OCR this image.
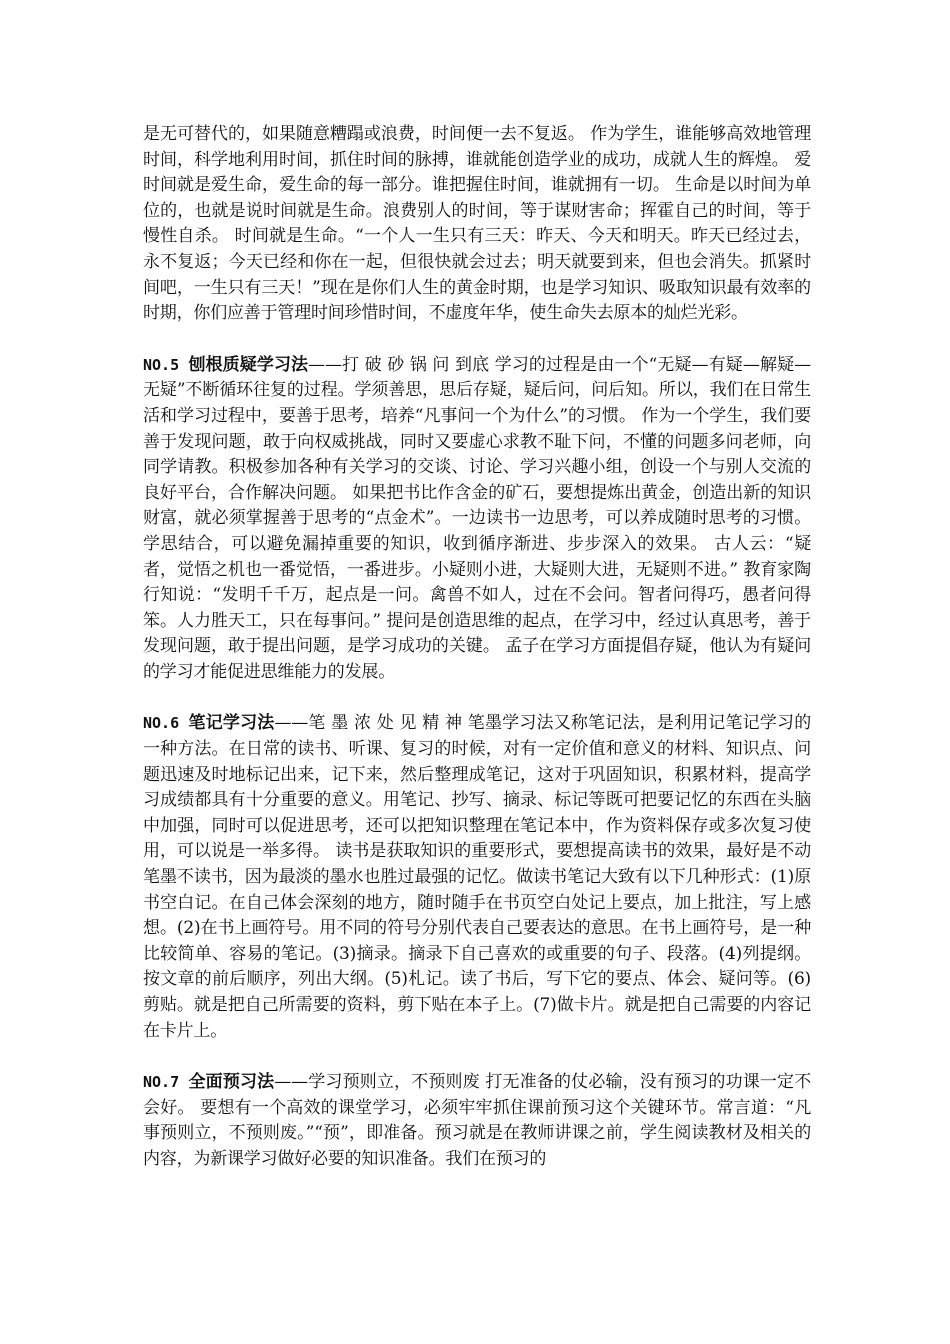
是无可替代的，如果随意糟蹋或浪费，时间便一去不复返。 作为学生，谁能够高效地管理时间，科学地利用时间，抓住时间的脉搏，谁就能创造学业的成功，成就人生的辉煌。 爱时间就是爱生命，爱生命的每一部分。谁把握住时间，谁就拥有一切。 生命是以时间为单位的，也就是说时间就是生命。浪费别人的时间，等于谋财害命；挥霍自己的时间，等于慢性自杀。 时间就是生命。“一个人一生只有三天：昨天、今天和明天。昨天已经过去，永不复返；今天已经和你在一起，但很快就会过去；明天就要到来，但也会消失。抓紧时间吧，一生只有三天！”现在是你们人生的黄金时期，也是学习知识、吸取知识最有效率的时期，你们应善于管理时间珍惜时间，不虚度年华，使生命失去原本的灿烂光彩。

NO.5 刨根质疑学习法——打 破 砂 锅 问 到底 学习的过程是由一个“无疑—有疑—解疑—无疑”不断循环往复的过程。学须善思，思后存疑，疑后问，问后知。所以，我们在日常生活和学习过程中，要善于思考，培养“凡事问一个为什么”的习惯。 作为一个学生，我们要善于发现问题，敢于向权威挑战，同时又要虚心求教不耻下问，不懂的问题多问老师，向同学请教。积极参加各种有关学习的交谈、讨论、学习兴趣小组，创设一个与别人交流的良好平台，合作解决问题。 如果把书比作含金的矿石，要想提炼出黄金，创造出新的知识财富，就必须掌握善于思考的“点金术”。一边读书一边思考，可以养成随时思考的习惯。学思结合，可以避免漏掉重要的知识，收到循序渐进、步步深入的效果。 古人云：“疑者，觉悟之机也一番觉悟，一番进步。小疑则小进，大疑则大进，无疑则不进。” 教育家陶行知说：“发明千千万，起点是一问。禽兽不如人，过在不会问。智者问得巧，愚者问得笨。人力胜天工，只在每事问。” 提问是创造思维的起点，在学习中，经过认真思考，善于发现问题，敢于提出问题，是学习成功的关键。 孟子在学习方面提倡存疑，他认为有疑问的学习才能促进思维能力的发展。

NO.6 笔记学习法——笔 墨 浓 处 见 精 神 笔墨学习法又称笔记法，是利用记笔记学习的一种方法。在日常的读书、听课、复习的时候，对有一定价值和意义的材料、知识点、问题迅速及时地标记出来，记下来，然后整理成笔记，这对于巩固知识，积累材料，提高学习成绩都具有十分重要的意义。用笔记、抄写、摘录、标记等既可把要记忆的东西在头脑中加强，同时可以促进思考，还可以把知识整理在笔记本中，作为资料保存或多次复习使用，可以说是一举多得。 读书是获取知识的重要形式，要想提高读书的效果，最好是不动笔墨不读书，因为最淡的墨水也胜过最强的记忆。做读书笔记大致有以下几种形式：(1)原书空白记。在自己体会深刻的地方，随时随手在书页空白处记上要点，加上批注，写上感想。(2)在书上画符号。用不同的符号分别代表自己要表达的意思。在书上画符号，是一种比较简单、容易的笔记。(3)摘录。摘录下自己喜欢的或重要的句子、段落。(4)列提纲。按文章的前后顺序，列出大纲。(5)札记。读了书后，写下它的要点、体会、疑问等。(6)剪贴。就是把自己所需要的资料，剪下贴在本子上。(7)做卡片。就是把自己需要的内容记在卡片上。

NO.7 全面预习法——学习预则立，不预则废 打无准备的仗必输，没有预习的功课一定不会好。 要想有一个高效的课堂学习，必须牢牢抓住课前预习这个关键环节。常言道：“凡事预则立，不预则废。”“预”，即准备。预习就是在教师讲课之前，学生阅读教材及相关的内容，为新课学习做好必要的知识准备。我们在预习的
